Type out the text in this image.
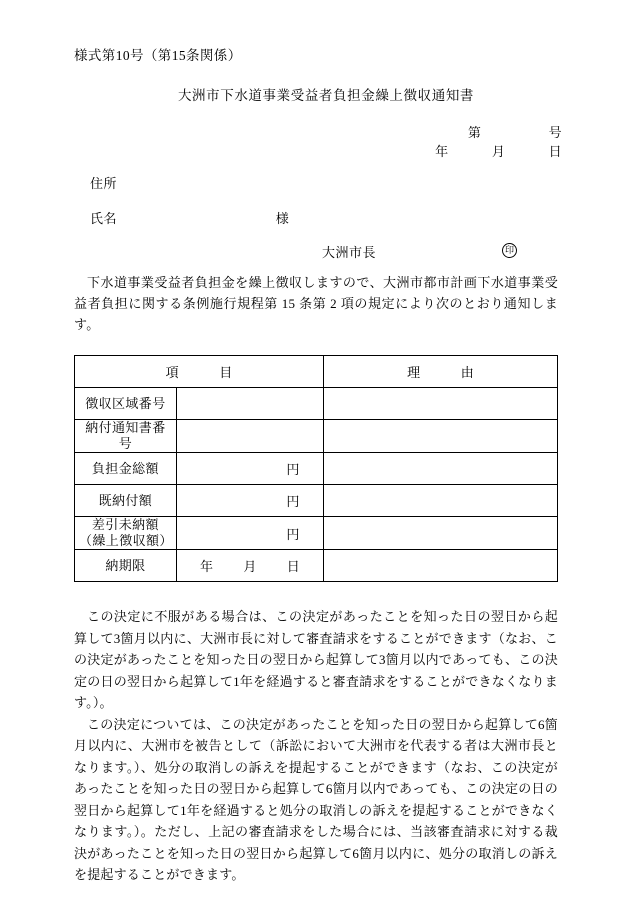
様式第10号（第15条関係）
大洲市下水道事業受益者負担金繰上徴収通知書
第	号
年	月	日
住所
氏名	様
大洲市長	印
下水道事業受益者負担金を繰上徴収しますので、大洲市都市計画下水道事業受益者負担に関する条例施行規程第 15 条第 2 項の規定により次のとおり通知します。
項　　　目		理　　　由
徴収区域番号		
納付通知書番号		
負担金総額	円	

既納付額	円	

差引未納額
（繰上徴収額）	円	

納期限	年 月 日	

この決定に不服がある場合は、この決定があったことを知った日の翌日から起算して3箇月以内に、大洲市長に対して審査請求をすることができます（なお、この決定があったことを知った日の翌日から起算して3箇月以内であっても、この決定の日の翌日から起算して1年を経過すると審査請求をすることができなくなります。）。

この決定については、この決定があったことを知った日の翌日から起算して6箇月以内に、大洲市を被告として（訴訟において大洲市を代表する者は大洲市長となります。）、処分の取消しの訴えを提起することができます（なお、この決定があったことを知った日の翌日から起算して6箇月以内であっても、この決定の日の翌日から起算して1年を経過すると処分の取消しの訴えを提起することができなくなります。）。ただし、上記の審査請求をした場合には、当該審査請求に対する裁決があったことを知った日の翌日から起算して6箇月以内に、処分の取消しの訴えを提起することができます。
